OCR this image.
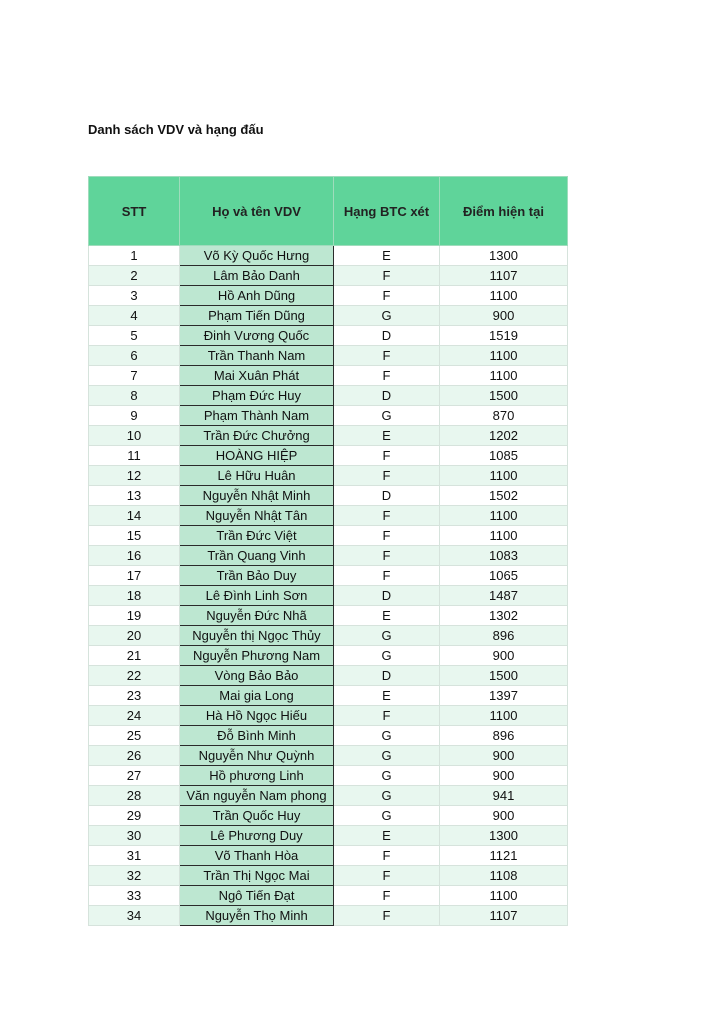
Danh sách VDV và hạng đấu
STT	Họ và tên VDV	Hạng BTC xét	Điểm hiện tại
1	Võ Kỳ Quốc Hưng	E	1300
2	Lâm Bảo Danh	F	1107
3	Hồ Anh Dũng	F	1100
4	Phạm Tiến Dũng	G	900
5	Đinh Vương Quốc	D	1519
6	Trần Thanh Nam	F	1100
7	Mai Xuân Phát	F	1100
8	Phạm Đức Huy	D	1500
9	Phạm Thành Nam	G	870
10	Trần Đức Chưởng	E	1202
11	HOÀNG HIỆP	F	1085
12	Lê Hữu Huân	F	1100
13	Nguyễn Nhật Minh	D	1502
14	Nguyễn Nhật Tân	F	1100
15	Trần Đức Việt	F	1100
16	Trần Quang Vinh	F	1083
17	Trần Bảo Duy	F	1065
18	Lê Đình Linh Sơn	D	1487
19	Nguyễn Đức Nhã	E	1302
20	Nguyễn thị Ngọc Thủy	G	896
21	Nguyễn Phương Nam	G	900
22	Vòng Bảo Bảo	D	1500
23	Mai gia Long	E	1397
24	Hà Hồ Ngọc Hiếu	F	1100
25	Đỗ Bình Minh	G	896
26	Nguyễn Như Quỳnh	G	900
27	Hồ phương Linh	G	900
28	Văn nguyễn Nam phong	G	941
29	Trần Quốc Huy	G	900
30	Lê Phương Duy	E	1300
31	Võ Thanh Hòa	F	1121
32	Trần Thị Ngọc Mai	F	1108
33	Ngô Tiến Đạt	F	1100
34	Nguyễn Thọ Minh	F	1107
